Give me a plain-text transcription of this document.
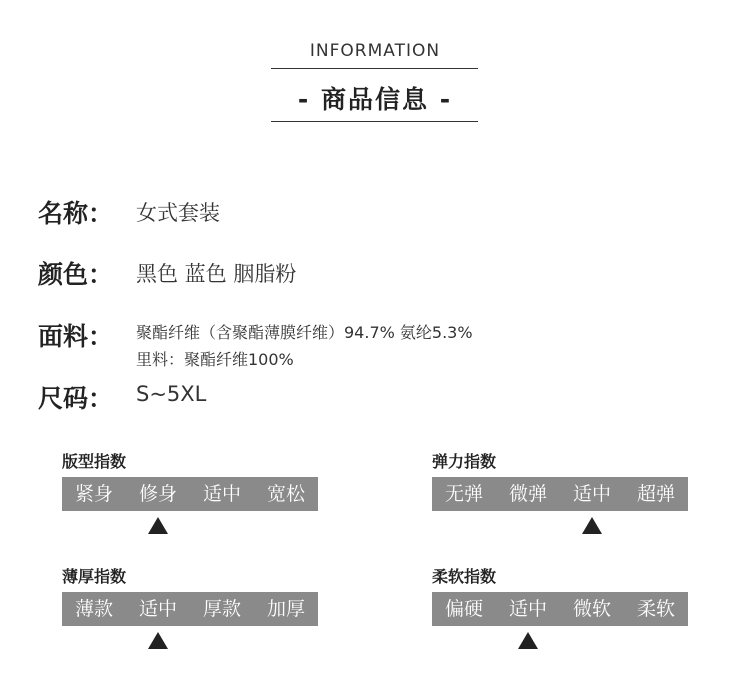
INFORMATION
- 商品信息 -
名称： 女式套装
颜色： 黑色 蓝色 胭脂粉
面料： 聚酯纤维（含聚酯薄膜纤维）94.7% 氨纶5.3%
里料：聚酯纤维100%
尺码： S~5XL
版型指数
紧身	修身	适中	宽松
弹力指数
无弹	微弹	适中	超弹
薄厚指数
薄款	适中	厚款	加厚
柔软指数
偏硬	适中	微软	柔软
